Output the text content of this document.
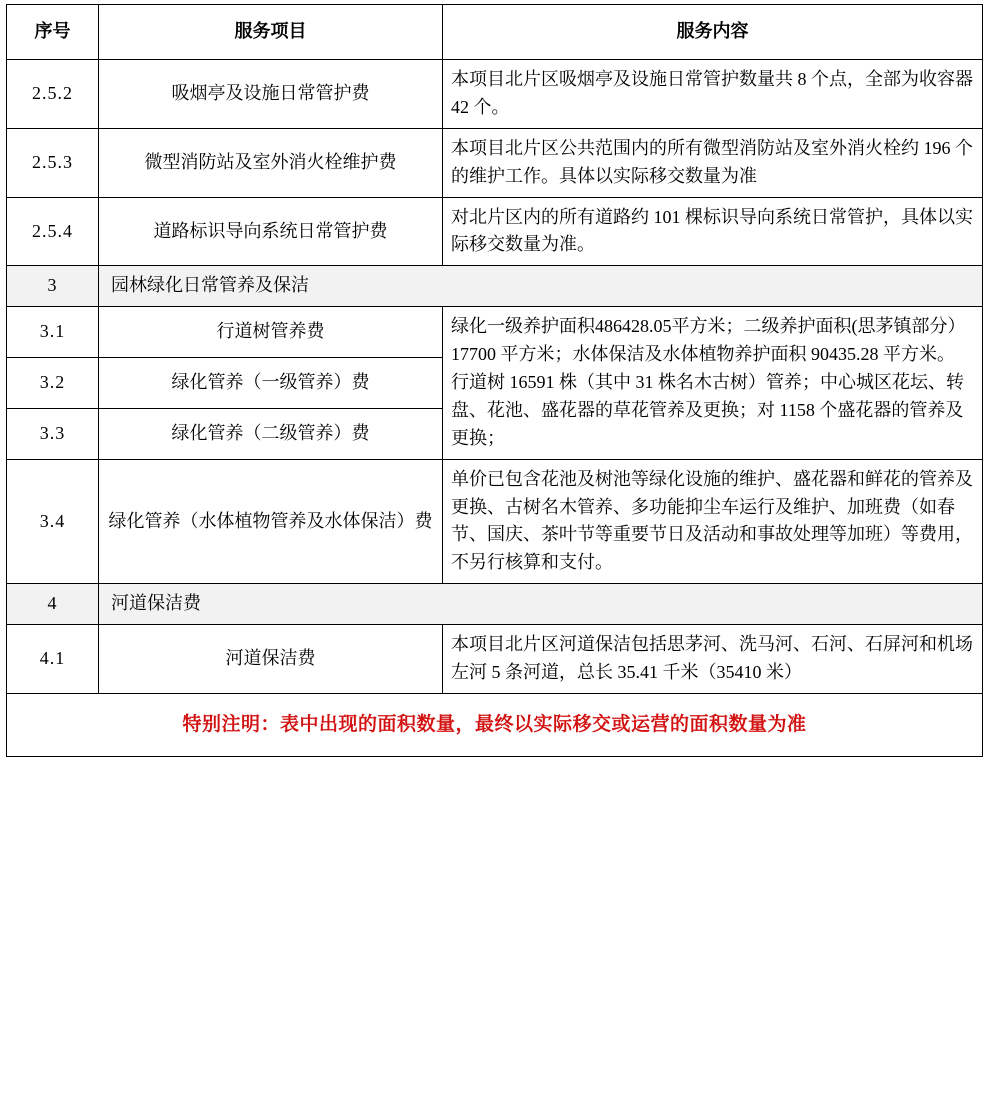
序号	服务项目	服务内容
2.5.2	吸烟亭及设施日常管护费	本项目北片区吸烟亭及设施日常管护数量共 8 个点，全部为收容器 42 个。
2.5.3	微型消防站及室外消火栓维护费	本项目北片区公共范围内的所有微型消防站及室外消火栓约 196 个的维护工作。具体以实际移交数量为准
2.5.4	道路标识导向系统日常管护费	对北片区内的所有道路约 101 棵标识导向系统日常管护，具体以实际移交数量为准。
3	园林绿化日常管养及保洁	
3.1	行道树管养费	绿化一级养护面积486428.05平方米；二级养护面积(思茅镇部分）17700 平方米；水体保洁及水体植物养护面积 90435.28 平方米。

行道树 16591 株（其中 31 株名木古树）管养；中心城区花坛、转盘、花池、盛花器的草花管养及更换；对 1158 个盛花器的管养及更换；

3.2	绿化管养（一级管养）费	
3.3	绿化管养（二级管养）费	
3.4	绿化管养（水体植物管养及水体保洁）费	单价已包含花池及树池等绿化设施的维护、盛花器和鲜花的管养及更换、古树名木管养、多功能抑尘车运行及维护、加班费（如春节、国庆、茶叶节等重要节日及活动和事故处理等加班）等费用，不另行核算和支付。
4	河道保洁费	
4.1	河道保洁费	本项目北片区河道保洁包括思茅河、洗马河、石河、石屏河和机场左河 5 条河道，总长 35.41 千米（35410 米）
特别注明：表中出现的面积数量，最终以实际移交或运营的面积数量为准		
